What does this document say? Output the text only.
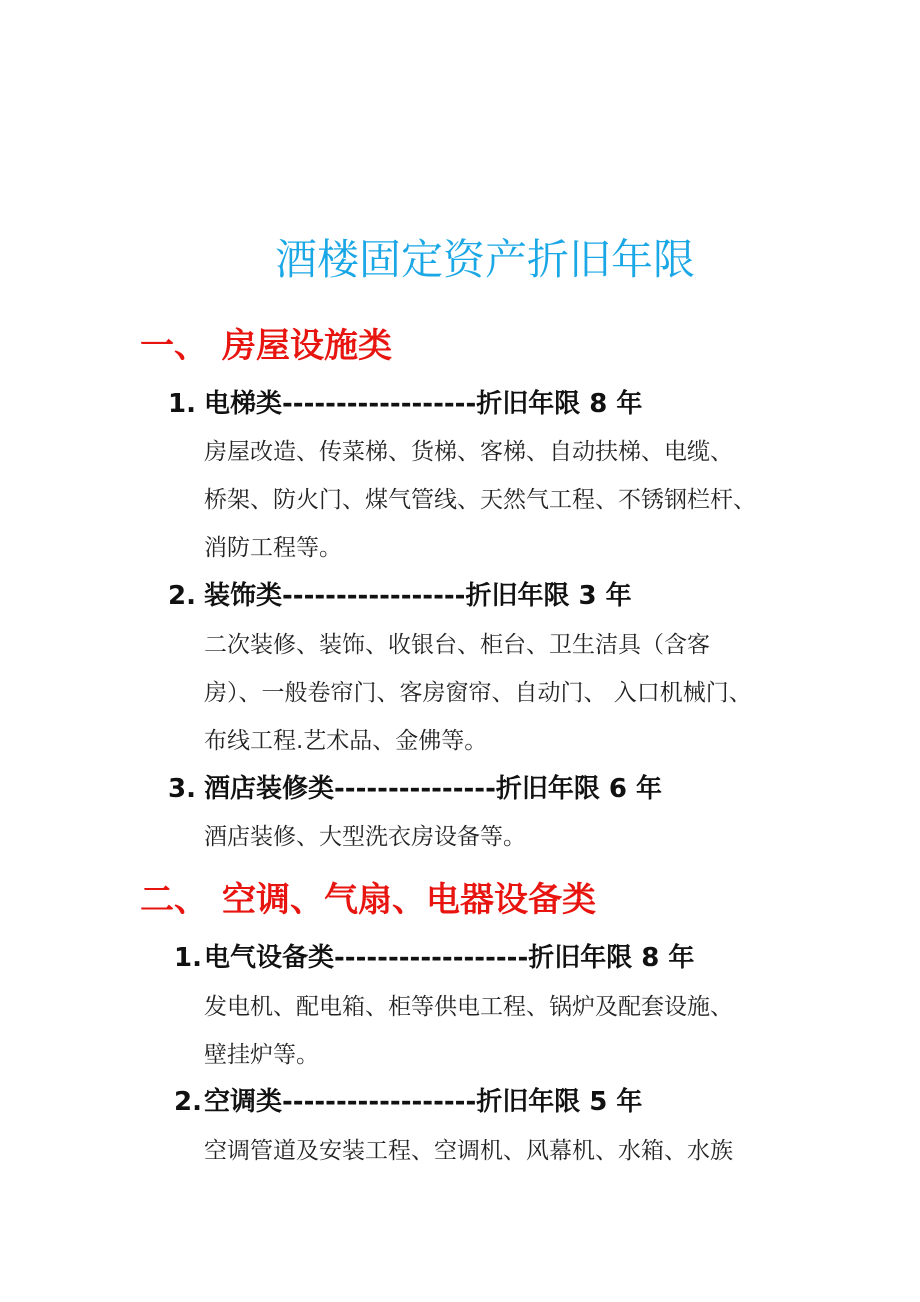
酒楼固定资产折旧年限
一、 房屋设施类
1. 电梯类------------------折旧年限 8 年
房屋改造、传菜梯、货梯、客梯、自动扶梯、电缆、
桥架、防火门、煤气管线、天然气工程、不锈钢栏杆、
消防工程等。
2. 装饰类-----------------折旧年限 3 年
二次装修、装饰、收银台、柜台、卫生洁具（含客
房）、一般卷帘门、客房窗帘、自动门、 入口机械门、
布线工程.艺术品、金佛等。
3. 酒店装修类---------------折旧年限 6 年
酒店装修、大型洗衣房设备等。
二、 空调、气扇、电器设备类
1.电气设备类------------------折旧年限 8 年
发电机、配电箱、柜等供电工程、锅炉及配套设施、
壁挂炉等。
2.空调类------------------折旧年限 5 年
空调管道及安装工程、空调机、风幕机、水箱、水族
